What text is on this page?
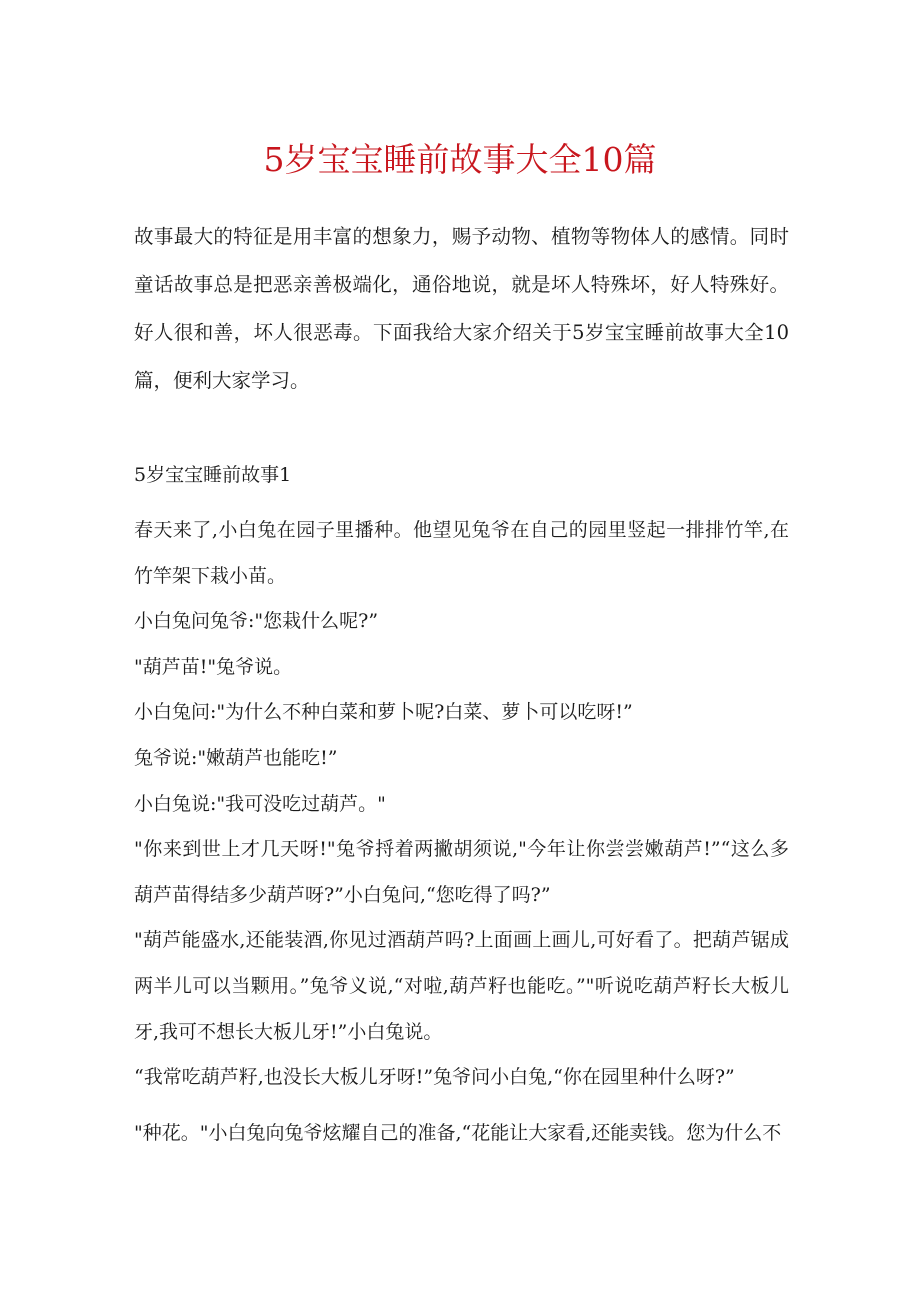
5岁宝宝睡前故事大全10篇

故事最大的特征是用丰富的想象力，赐予动物、植物等物体人的感情。同时童话故事总是把恶亲善极端化，通俗地说，就是坏人特殊坏，好人特殊好。好人很和善，坏人很恶毒。下面我给大家介绍关于5岁宝宝睡前故事大全10篇，便利大家学习。

5岁宝宝睡前故事1

春天来了,小白兔在园子里播种。他望见兔爷在自己的园里竖起一排排竹竿,在竹竿架下栽小苗。

小白兔问兔爷:"您栽什么呢?”

"葫芦苗!"兔爷说。

小白兔问:"为什么不种白菜和萝卜呢?白菜、萝卜可以吃呀!”

兔爷说:"嫩葫芦也能吃!”

小白兔说:"我可没吃过葫芦。"

"你来到世上才几天呀!"兔爷捋着两撇胡须说,"今年让你尝尝嫩葫芦!”“这么多葫芦苗得结多少葫芦呀?”小白兔问,“您吃得了吗?”

"葫芦能盛水,还能装酒,你见过酒葫芦吗?上面画上画儿,可好看了。把葫芦锯成两半儿可以当颗用。”兔爷义说,“对啦,葫芦籽也能吃。”"听说吃葫芦籽长大板儿牙,我可不想长大板儿牙!”小白兔说。

“我常吃葫芦籽,也没长大板儿牙呀!”兔爷问小白兔,“你在园里种什么呀?”

"种花。"小白兔向兔爷炫耀自己的准备,“花能让大家看,还能卖钱。您为什么不
